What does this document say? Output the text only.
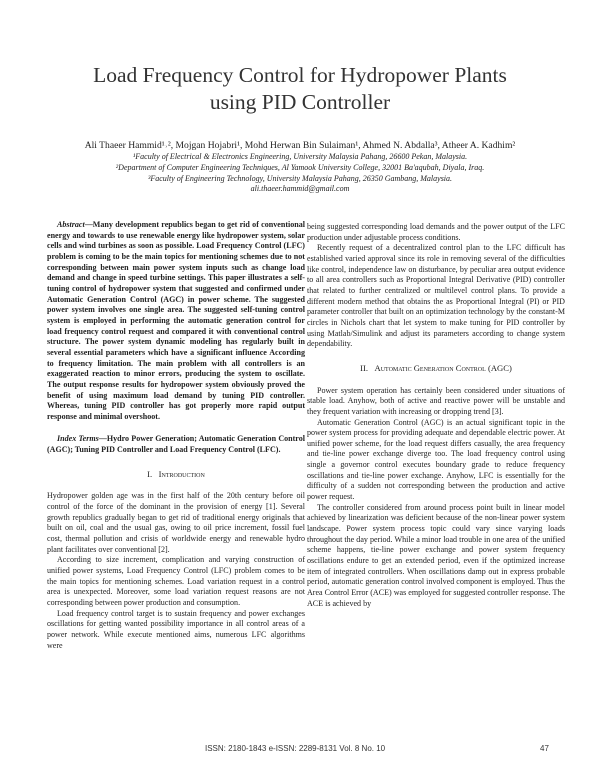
Load Frequency Control for Hydropower Plants
using PID Controller
Ali Thaeer Hammid¹˒², Mojgan Hojabri¹, Mohd Herwan Bin Sulaiman¹, Ahmed N. Abdalla³, Atheer A. Kadhim²
¹Faculty of Electrical & Electronics Engineering, University Malaysia Pahang, 26600 Pekan, Malaysia.
²Department of Computer Engineering Techniques, Al Yamook University College, 32001 Ba'aqubah, Diyala, Iraq.
³Faculty of Engineering Technology, University Malaysia Pahang, 26350 Gambang, Malaysia.
ali.thaeer.hammid@gmail.com

Abstract—Many development republics began to get rid of conventional energy and towards to use renewable energy like hydropower system, solar cells and wind turbines as soon as possible. Load Frequency Control (LFC) problem is coming to be the main topics for mentioning schemes due to not corresponding between main power system inputs such as change load demand and change in speed turbine settings. This paper illustrates a self-tuning control of hydropower system that suggested and confirmed under Automatic Generation Control (AGC) in power scheme. The suggested power system involves one single area. The suggested self-tuning control system is employed in performing the automatic generation control for load frequency control request and compared it with conventional control structure. The power system dynamic modeling has regularly built in several essential parameters which have a significant influence According to frequency limitation. The main problem with all controllers is an exaggerated reaction to minor errors, producing the system to oscillate. The output response results for hydropower system obviously proved the benefit of using maximum load demand by tuning PID controller. Whereas, tuning PID controller has got properly more rapid output response and minimal overshoot.

Index Terms—Hydro Power Generation; Automatic Generation Control (AGC); Tuning PID Controller and Load Frequency Control (LFC).

I. Introduction

Hydropower golden age was in the first half of the 20th century before oil control of the force of the dominant in the provision of energy [1]. Several growth republics gradually began to get rid of traditional energy originals that built on oil, coal and the usual gas, owing to oil price increment, fossil fuel cost, thermal pollution and crisis of worldwide energy and renewable hydro plant facilitates over conventional [2].

According to size increment, complication and varying construction of unified power systems, Load Frequency Control (LFC) problem comes to be the main topics for mentioning schemes. Load variation request in a control area is unexpected. Moreover, some load variation request reasons are not corresponding between power production and consumption.

Load frequency control target is to sustain frequency and power exchanges oscillations for getting wanted possibility importance in all control areas of a power network. While execute mentioned aims, numerous LFC algorithms were

being suggested corresponding load demands and the power output of the LFC production under adjustable process conditions.

Recently request of a decentralized control plan to the LFC difficult has established varied approval since its role in removing several of the difficulties like control, independence law on disturbance, by peculiar area output evidence to all area controllers such as Proportional Integral Derivative (PID) controller that related to further centralized or multilevel control plans. To provide a different modern method that obtains the as Proportional Integral (PI) or PID parameter controller that built on an optimization technology by the constant-M circles in Nichols chart that let system to make tuning for PID controller by using Matlab/Simulink and adjust its parameters according to change system dependability.

II. Automatic Generation Control (AGC)

Power system operation has certainly been considered under situations of stable load. Anyhow, both of active and reactive power will be unstable and they frequent variation with increasing or dropping trend [3].

Automatic Generation Control (AGC) is an actual significant topic in the power system process for providing adequate and dependable electric power. At unified power scheme, for the load request differs casually, the area frequency and tie-line power exchange diverge too. The load frequency control using single a governor control executes boundary grade to reduce frequency oscillations and tie-line power exchange. Anyhow, LFC is essentially for the difficulty of a sudden not corresponding between the production and active power request.

The controller considered from around process point built in linear model achieved by linearization was deficient because of the non-linear power system landscape. Power system process topic could vary since varying loads throughout the day period. While a minor load trouble in one area of the unified scheme happens, tie-line power exchange and power system frequency oscillations endure to get an extended period, even if the optimized increase item of integrated controllers. When oscillations damp out in express probable period, automatic generation control involved component is employed. Thus the Area Control Error (ACE) was employed for suggested controller response. The ACE is achieved by

ISSN: 2180-1843 e-ISSN: 2289-8131 Vol. 8 No. 10	47
